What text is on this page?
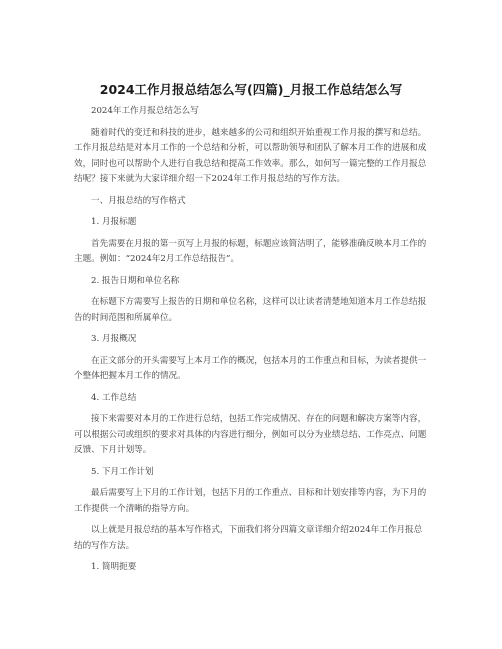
2024工作月报总结怎么写(四篇)_月报工作总结怎么写

2024年工作月报总结怎么写

随着时代的变迁和科技的进步，越来越多的公司和组织开始重视工作月报的撰写和总结。工作月报总结是对本月工作的一个总结和分析，可以帮助领导和团队了解本月工作的进展和成效，同时也可以帮助个人进行自我总结和提高工作效率。那么，如何写一篇完整的工作月报总结呢？接下来就为大家详细介绍一下2024年工作月报总结的写作方法。

一、月报总结的写作格式

1. 月报标题

首先需要在月报的第一页写上月报的标题，标题应该简洁明了，能够准确反映本月工作的主题。例如：“2024年2月工作总结报告”。

2. 报告日期和单位名称

在标题下方需要写上报告的日期和单位名称，这样可以让读者清楚地知道本月工作总结报告的时间范围和所属单位。

3. 月报概况

在正文部分的开头需要写上本月工作的概况，包括本月的工作重点和目标，为读者提供一个整体把握本月工作的情况。

4. 工作总结

接下来需要对本月的工作进行总结，包括工作完成情况、存在的问题和解决方案等内容，可以根据公司或组织的要求对具体的内容进行细分，例如可以分为业绩总结、工作亮点、问题反馈、下月计划等。

5. 下月工作计划

最后需要写上下月的工作计划，包括下月的工作重点、目标和计划安排等内容，为下月的工作提供一个清晰的指导方向。

以上就是月报总结的基本写作格式，下面我们将分四篇文章详细介绍2024年工作月报总结的写作方法。

1. 简明扼要
